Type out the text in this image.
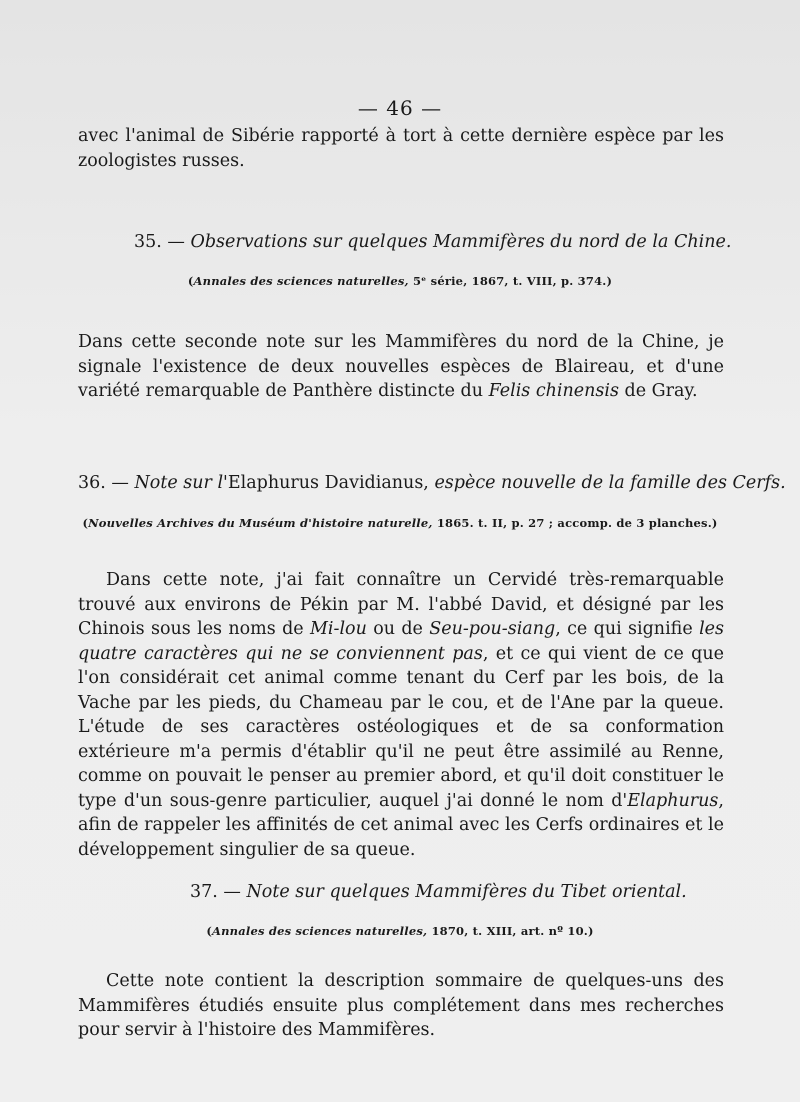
— 46 —
avec l'animal de Sibérie rapporté à tort à cette dernière espèce par les zoologistes russes.
35. — Observations sur quelques Mammifères du nord de la Chine.
(Annales des sciences naturelles, 5ᵉ série, 1867, t. VIII, p. 374.)
Dans cette seconde note sur les Mammifères du nord de la Chine, je signale l'existence de deux nouvelles espèces de Blaireau, et d'une variété remarquable de Panthère distincte du Felis chinensis de Gray.
36. — Note sur l'Elaphurus Davidianus, espèce nouvelle de la famille des Cerfs.
(Nouvelles Archives du Muséum d'histoire naturelle, 1865. t. II, p. 27 ; accomp. de 3 planches.)
Dans cette note, j'ai fait connaître un Cervidé très-remarquable trouvé aux environs de Pékin par M. l'abbé David, et désigné par les Chinois sous les noms de Mi-lou ou de Seu-pou-siang, ce qui signifie les quatre caractères qui ne se conviennent pas, et ce qui vient de ce que l'on considérait cet animal comme tenant du Cerf par les bois, de la Vache par les pieds, du Chameau par le cou, et de l'Ane par la queue. L'étude de ses caractères ostéologiques et de sa conformation extérieure m'a permis d'établir qu'il ne peut être assimilé au Renne, comme on pouvait le penser au premier abord, et qu'il doit constituer le type d'un sous-genre particulier, auquel j'ai donné le nom d'Elaphurus, afin de rappeler les affinités de cet animal avec les Cerfs ordinaires et le développement singulier de sa queue.
37. — Note sur quelques Mammifères du Tibet oriental.
(Annales des sciences naturelles, 1870, t. XIII, art. nº 10.)
Cette note contient la description sommaire de quelques-uns des Mammifères étudiés ensuite plus complétement dans mes recherches pour servir à l'histoire des Mammifères.
